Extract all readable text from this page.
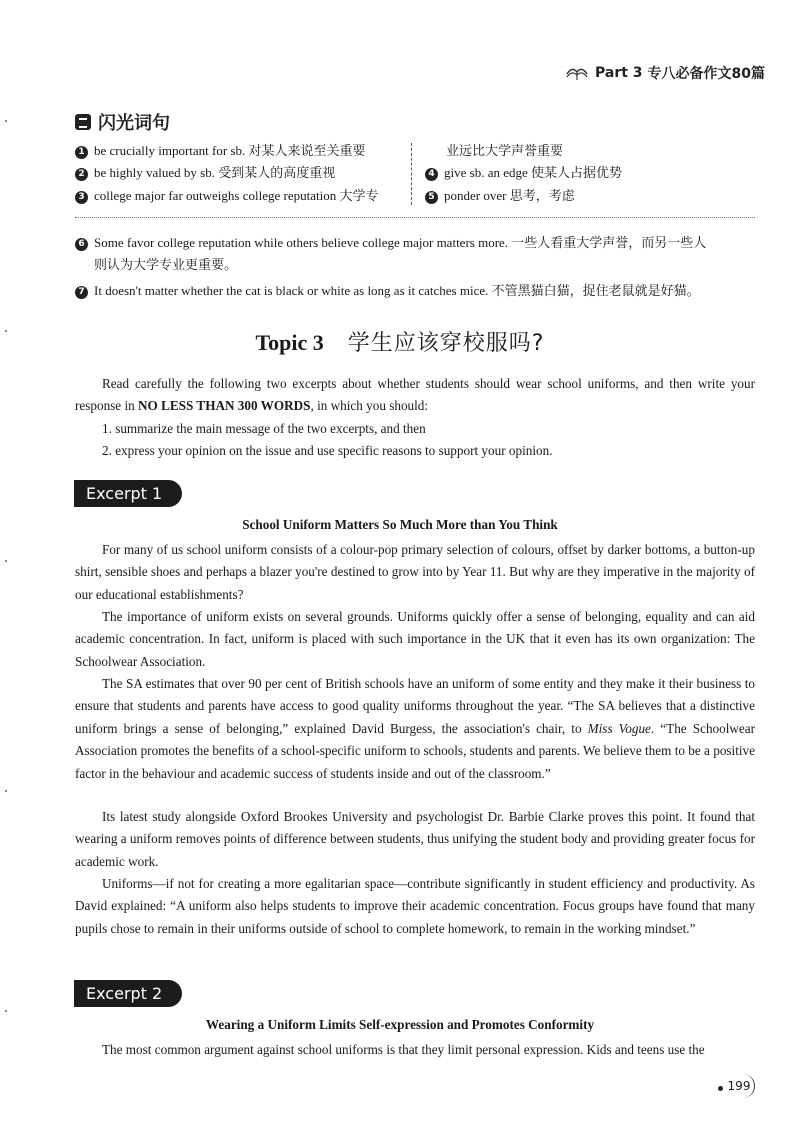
Part 3 专八必备作文80篇
闪光词句
1 be crucially important for sb. 对某人来说至关重要
2 be highly valued by sb. 受到某人的高度重视
3 college major far outweighs college reputation 大学专
业远比大学声誉重要
4 give sb. an edge 使某人占据优势
5 ponder over 思考，考虑
6 Some favor college reputation while others believe college major matters more. 一些人看重大学声誉，而另一些人
则认为大学专业更重要。
7 It doesn't matter whether the cat is black or white as long as it catches mice. 不管黑猫白猫，捉住老鼠就是好猫。
Topic 3 学生应该穿校服吗?
Read carefully the following two excerpts about whether students should wear school uniforms, and then write your response in NO LESS THAN 300 WORDS, in which you should:
1. summarize the main message of the two excerpts, and then
2. express your opinion on the issue and use specific reasons to support your opinion.
Excerpt 1
School Uniform Matters So Much More than You Think
For many of us school uniform consists of a colour-pop primary selection of colours, offset by darker bottoms, a button-up shirt, sensible shoes and perhaps a blazer you're destined to grow into by Year 11. But why are they imperative in the majority of our educational establishments?
The importance of uniform exists on several grounds. Uniforms quickly offer a sense of belonging, equality and can aid academic concentration. In fact, uniform is placed with such importance in the UK that it even has its own organization: The Schoolwear Association.
The SA estimates that over 90 per cent of British schools have an uniform of some entity and they make it their business to ensure that students and parents have access to good quality uniforms throughout the year. “The SA believes that a distinctive uniform brings a sense of belonging,” explained David Burgess, the association's chair, to Miss Vogue. “The Schoolwear Association promotes the benefits of a school-specific uniform to schools, students and parents. We believe them to be a positive factor in the behaviour and academic success of students inside and out of the classroom.”
Its latest study alongside Oxford Brookes University and psychologist Dr. Barbie Clarke proves this point. It found that wearing a uniform removes points of difference between students, thus unifying the student body and providing greater focus for academic work.
Uniforms—if not for creating a more egalitarian space—contribute significantly in student efficiency and productivity. As David explained: “A uniform also helps students to improve their academic concentration. Focus groups have found that many pupils chose to remain in their uniforms outside of school to complete homework, to remain in the working mindset.”
Excerpt 2
Wearing a Uniform Limits Self-expression and Promotes Conformity
The most common argument against school uniforms is that they limit personal expression. Kids and teens use the
199
